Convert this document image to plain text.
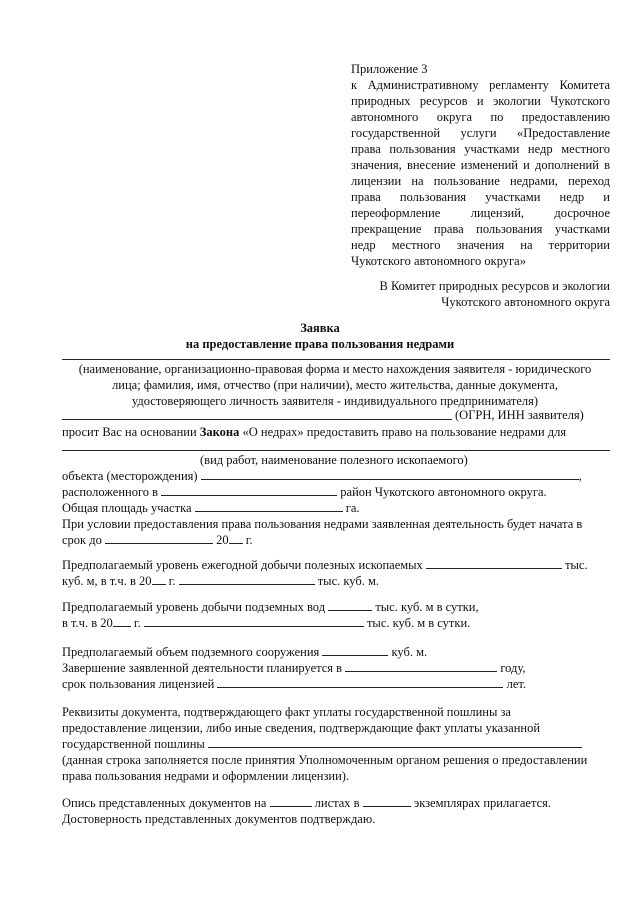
Приложение 3
к Административному регламенту Комитета
природных ресурсов и экологии Чукотского
автономного округа по предоставлению
государственной услуги «Предоставление
права пользования участками недр местного
значения, внесение изменений и дополнений в
лицензии на пользование недрами, переход
права пользования участками недр и
переоформление лицензий, досрочное
прекращение права пользования участками
недр местного значения на территории
Чукотского автономного округа»
В Комитет природных ресурсов и экологии
Чукотского автономного округа
Заявка
на предоставление права пользования недрами
(наименование, организационно-правовая форма и место нахождения заявителя - юридического
лица; фамилия, имя, отчество (при наличии), место жительства, данные документа,
удостоверяющего личность заявителя - индивидуального предпринимателя)
(ОГРН, ИНН заявителя)
просит Вас на основании Закона «О недрах» предоставить право на пользование недрами для
(вид работ, наименование полезного ископаемого)
объекта (месторождения)	,
расположенного в	район Чукотского автономного округа.
Общая площадь участка	га.
При условии предоставления права пользования недрами заявленная деятельность будет начата в
срок до	20 г.
Предполагаемый уровень ежегодной добычи полезных ископаемых	тыс.
куб. м, в т.ч. в 20 г.	тыс. куб. м.
Предполагаемый уровень добычи подземных вод	тыс. куб. м в сутки,
в т.ч. в 20 г.	тыс. куб. м в сутки.
Предполагаемый объем подземного сооружения	куб. м.
Завершение заявленной деятельности планируется в	году,
срок пользования лицензией	лет.
Реквизиты документа, подтверждающего факт уплаты государственной пошлины за
предоставление лицензии, либо иные сведения, подтверждающие факт уплаты указанной
государственной пошлины
(данная строка заполняется после принятия Уполномоченным органом решения о предоставлении
права пользования недрами и оформлении лицензии).
Опись представленных документов на	листах в	экземплярах прилагается.
Достоверность представленных документов подтверждаю.
